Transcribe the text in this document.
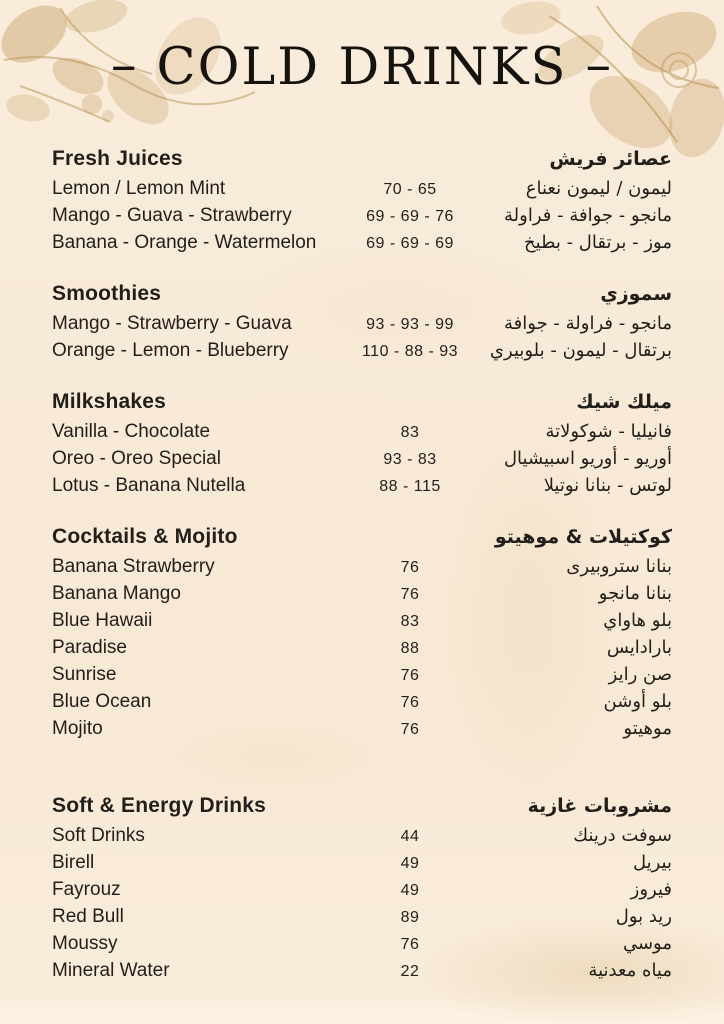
– COLD DRINKS –
Fresh Juices	عصائر فريش
Lemon / Lemon Mint	70 - 65	ليمون / ليمون نعناع
Mango - Guava - Strawberry	69 - 69 - 76	مانجو - جوافة - فراولة
Banana - Orange - Watermelon	69 - 69 - 69	موز - برتقال - بطيخ
Smoothies	سموزي
Mango - Strawberry - Guava	93 - 93 - 99	مانجو - فراولة - جوافة
Orange - Lemon - Blueberry	110 - 88 - 93	برتقال - ليمون - بلوبيري
Milkshakes	ميلك شيك
Vanilla - Chocolate	83	فانيليا - شوكولاتة
Oreo - Oreo Special	93 - 83	أوريو - أوريو اسبيشيال
Lotus - Banana Nutella	88 - 115	لوتس - بنانا نوتيلا
Cocktails & Mojito	كوكتيلات & موهيتو
Banana Strawberry	76	بنانا ستروبيرى
Banana Mango	76	بنانا مانجو
Blue Hawaii	83	بلو هاواي
Paradise	88	بارادايس
Sunrise	76	صن رايز
Blue Ocean	76	بلو أوشن
Mojito	76	موهيتو
Soft & Energy Drinks	مشروبات غازية
Soft Drinks	44	سوفت درينك
Birell	49	بيريل
Fayrouz	49	فيروز
Red Bull	89	ريد بول
Moussy	76	موسي
Mineral Water	22	مياه معدنية
